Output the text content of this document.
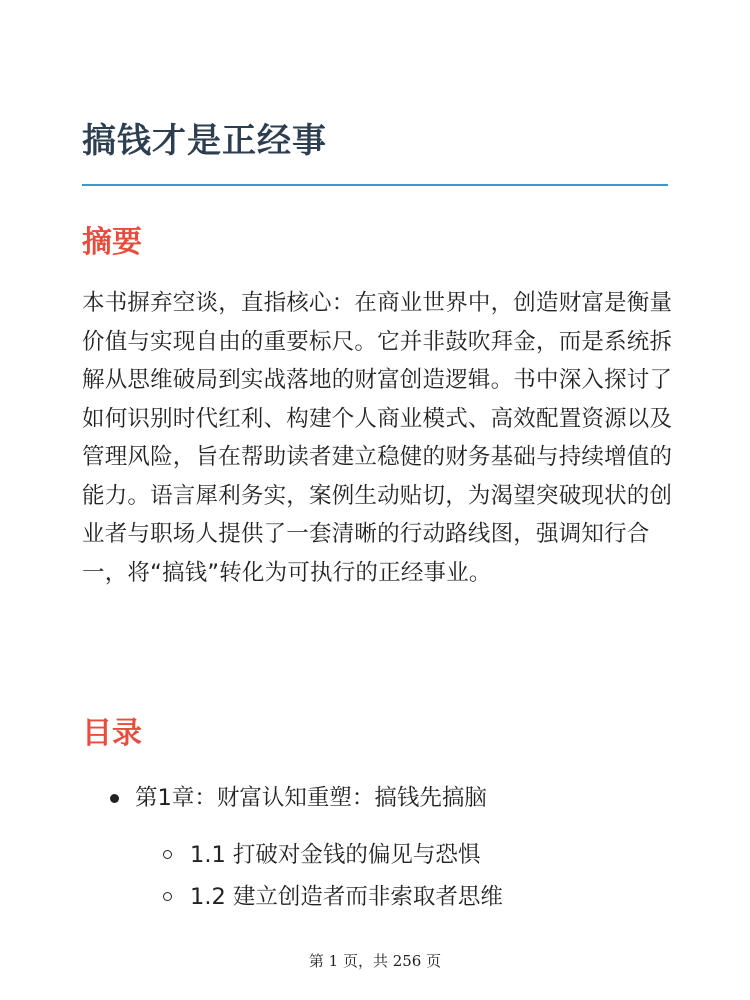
搞钱才是正经事
摘要

本书摒弃空谈，直指核心：在商业世界中，创造财富是衡量价值与实现自由的重要标尺。它并非鼓吹拜金，而是系统拆解从思维破局到实战落地的财富创造逻辑。书中深入探讨了如何识别时代红利、构建个人商业模式、高效配置资源以及管理风险，旨在帮助读者建立稳健的财务基础与持续增值的能力。语言犀利务实，案例生动贴切，为渴望突破现状的创业者与职场人提供了一套清晰的行动路线图，强调知行合一，将“搞钱”转化为可执行的正经事业。

目录
第1章：财富认知重塑：搞钱先搞脑
1.1 打破对金钱的偏见与恐惧
1.2 建立创造者而非索取者思维
第 1 页，共 256 页
